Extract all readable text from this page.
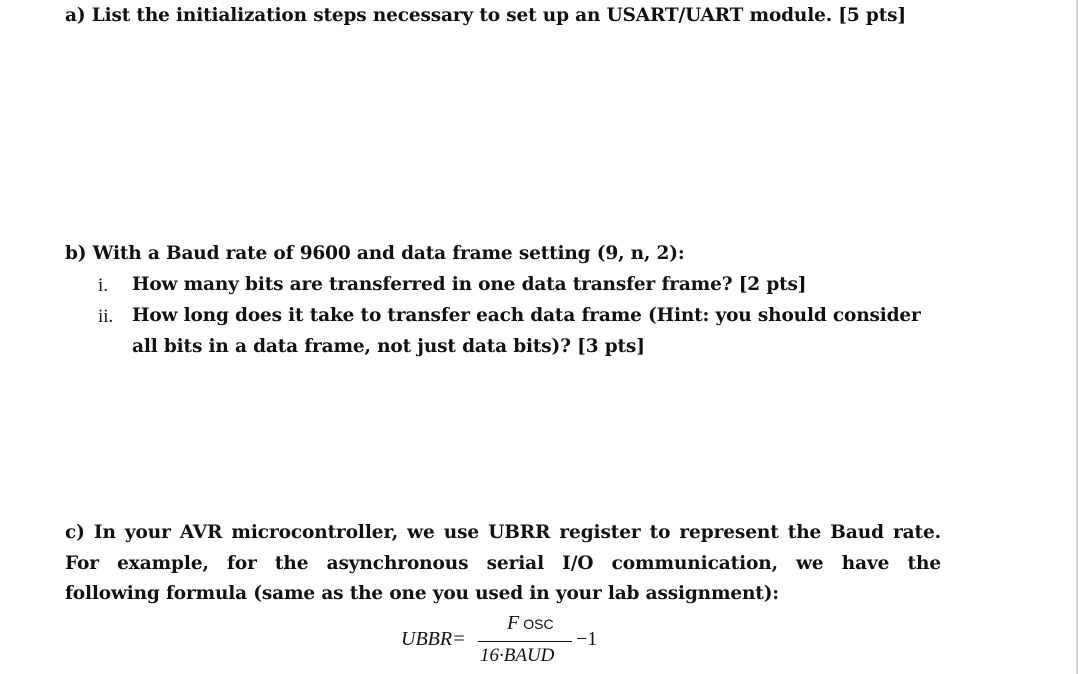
a) List the initialization steps necessary to set up an USART/UART module. [5 pts]
b) With a Baud rate of 9600 and data frame setting (9, n, 2):
i. How many bits are transferred in one data transfer frame? [2 pts]
ii. How long does it take to transfer each data frame (Hint: you should consider
all bits in a data frame, not just data bits)? [3 pts]
c) In your AVR microcontroller, we use UBRR register to represent the Baud rate.
For example, for the asynchronous serial I/O communication, we have the
following formula (same as the one you used in your lab assignment):
UBBR=
F OSC
16·BAUD
−1
